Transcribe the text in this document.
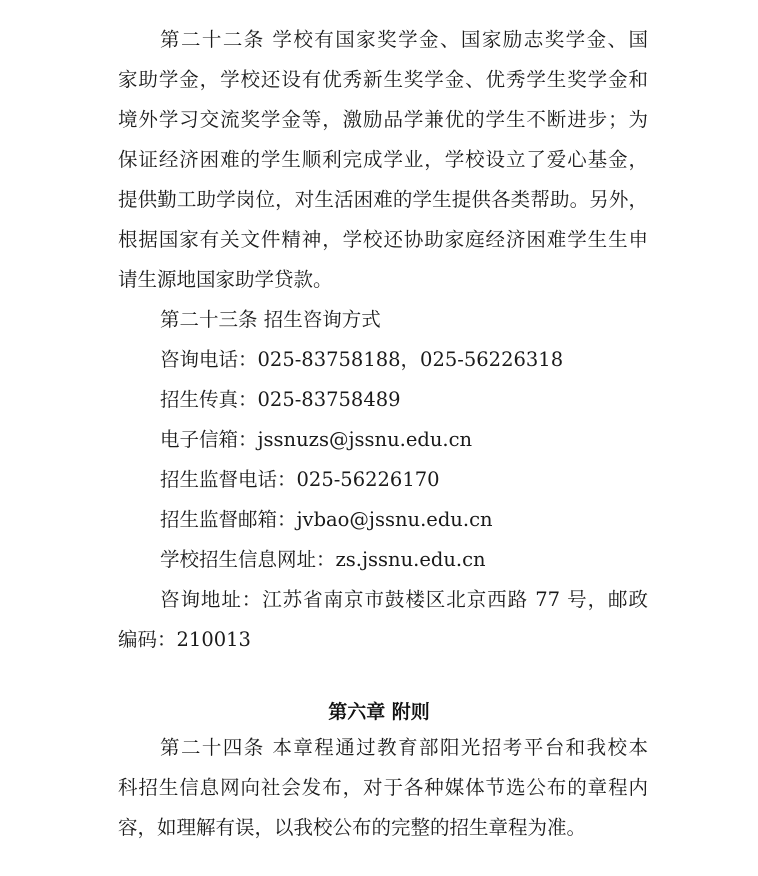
第二十二条 学校有国家奖学金、国家励志奖学金、国
家助学金，学校还设有优秀新生奖学金、优秀学生奖学金和
境外学习交流奖学金等，激励品学兼优的学生不断进步；为
保证经济困难的学生顺利完成学业，学校设立了爱心基金，
提供勤工助学岗位，对生活困难的学生提供各类帮助。另外，
根据国家有关文件精神，学校还协助家庭经济困难学生生申
请生源地国家助学贷款。
第二十三条 招生咨询方式
咨询电话：025-83758188，025-56226318
招生传真：025-83758489
电子信箱：jssnuzs@jssnu.edu.cn
招生监督电话：025-56226170
招生监督邮箱：jvbao@jssnu.edu.cn
学校招生信息网址：zs.jssnu.edu.cn
咨询地址：江苏省南京市鼓楼区北京西路 77 号，邮政
编码：210013
第六章 附则
第二十四条 本章程通过教育部阳光招考平台和我校本
科招生信息网向社会发布，对于各种媒体节选公布的章程内
容，如理解有误，以我校公布的完整的招生章程为准。
